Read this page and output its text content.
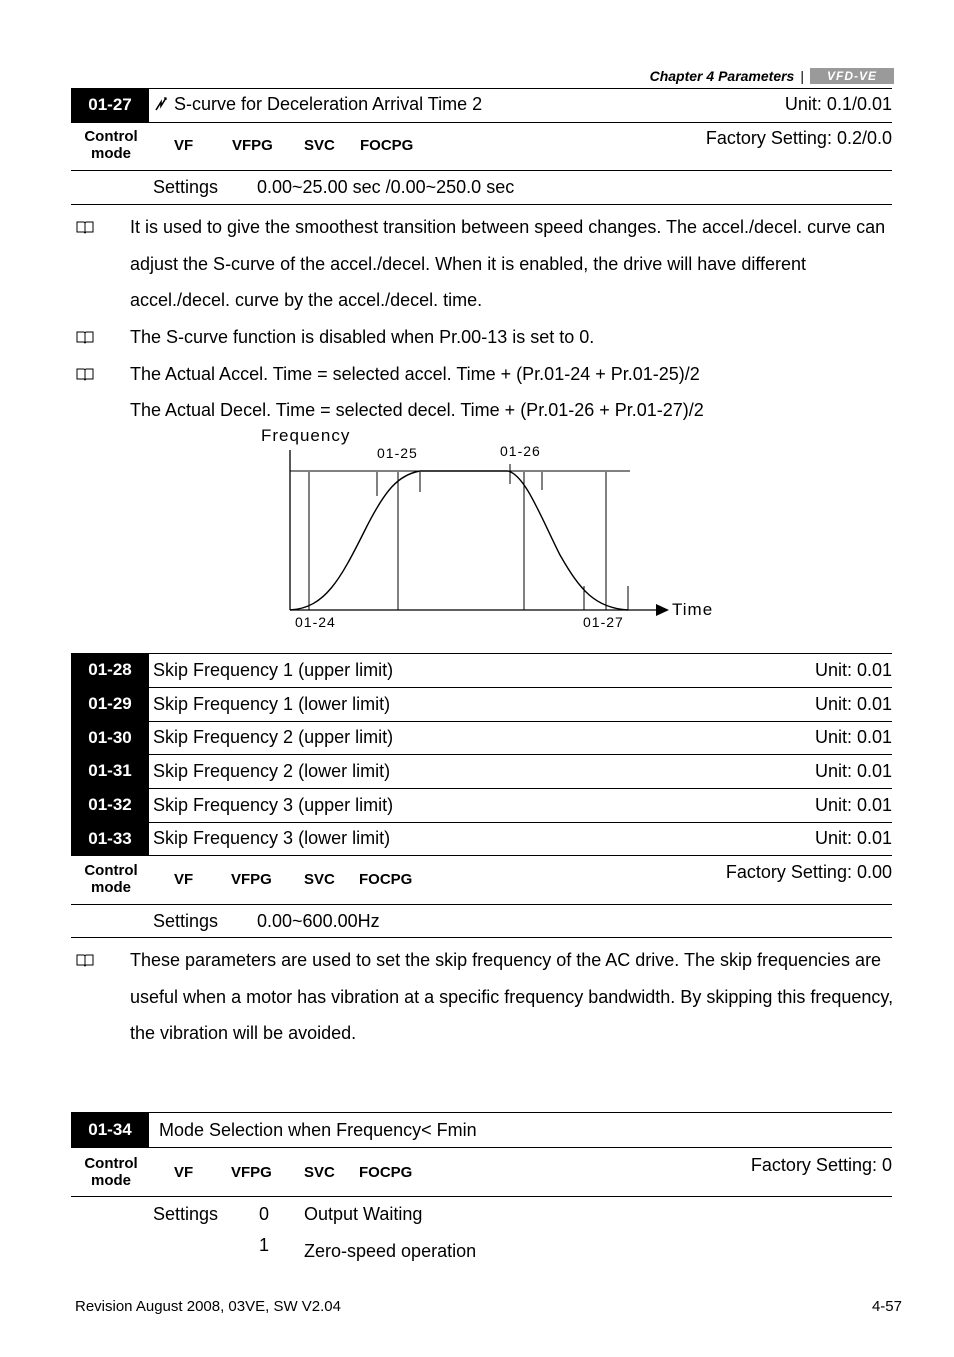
Chapter 4 Parameters |	VFD-VE
01-27	S-curve for Deceleration Arrival Time 2	Unit: 0.1/0.01
Control mode	VF	VFPG SVC FOCPG	Factory Setting: 0.2/0.0
Settings 0.00~25.00 sec /0.00~250.0 sec
It is used to give the smoothest transition between speed changes. The accel./decel. curve can adjust the S-curve of the accel./decel. When it is enabled, the drive will have different accel./decel. curve by the accel./decel. time.
The S-curve function is disabled when Pr.00-13 is set to 0.
The Actual Accel. Time = selected accel. Time + (Pr.01-24 + Pr.01-25)/2
The Actual Decel. Time = selected decel. Time + (Pr.01-26 + Pr.01-27)/2
Frequency
01-25	01-26
01-24	01-27
Time
01-28	Skip Frequency 1 (upper limit)	Unit: 0.01
01-29	Skip Frequency 1 (lower limit)	Unit: 0.01
01-30	Skip Frequency 2 (upper limit)	Unit: 0.01
01-31	Skip Frequency 2 (lower limit)	Unit: 0.01
01-32	Skip Frequency 3 (upper limit)	Unit: 0.01
01-33	Skip Frequency 3 (lower limit)	Unit: 0.01
Control mode	VF	VFPG SVC FOCPG	Factory Setting: 0.00
Settings 0.00~600.00Hz
These parameters are used to set the skip frequency of the AC drive. The skip frequencies are useful when a motor has vibration at a specific frequency bandwidth. By skipping this frequency, the vibration will be avoided.
01-34	Mode Selection when Frequency< Fmin
Control mode	VF	VFPG SVC FOCPG	Factory Setting: 0
Settings 0 Output Waiting
1 Zero-speed operation
Revision August 2008, 03VE, SW V2.04	4-57
